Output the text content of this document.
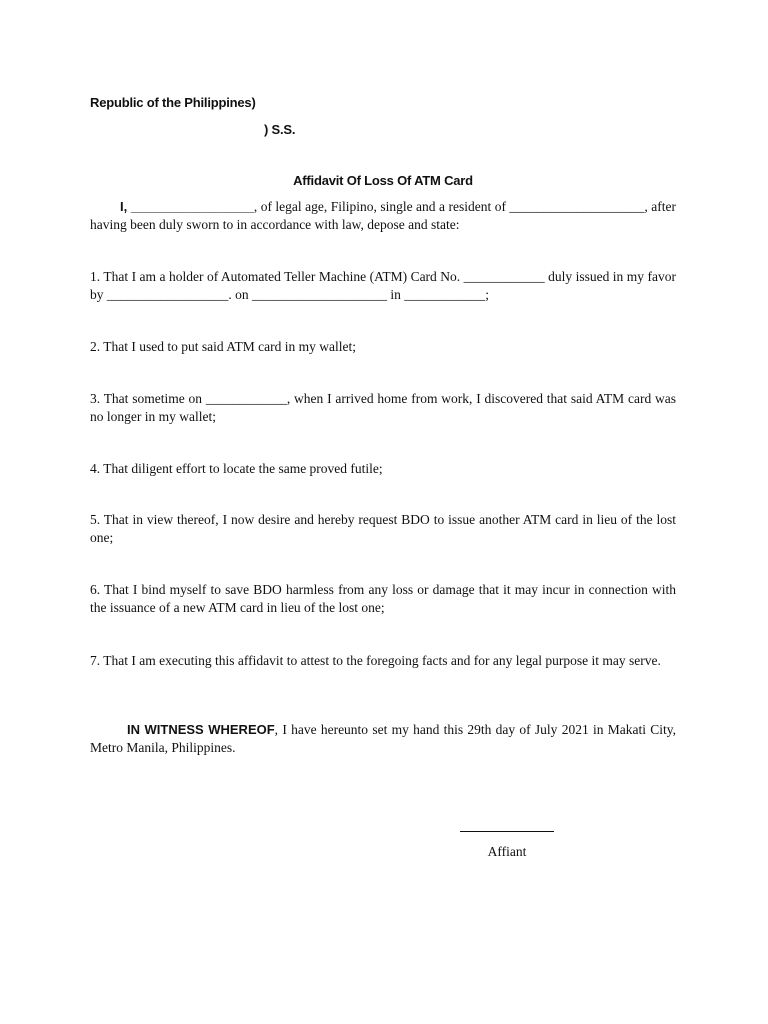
Republic of the Philippines)
) S.S.
Affidavit Of Loss Of ATM Card

I, _________________, of legal age, Filipino, single and a resident of ____________________, after having been duly sworn to in accordance with law, depose and state:

1. That I am a holder of Automated Teller Machine (ATM) Card No. ____________ duly issued in my favor by __________________. on ____________________ in ____________;

2. That I used to put said ATM card in my wallet;

3. That sometime on ____________, when I arrived home from work, I discovered that said ATM card was no longer in my wallet;

4. That diligent effort to locate the same proved futile;

5. That in view thereof, I now desire and hereby request BDO to issue another ATM card in lieu of the lost one;

6. That I bind myself to save BDO harmless from any loss or damage that it may incur in connection with the issuance of a new ATM card in lieu of the lost one;

7. That I am executing this affidavit to attest to the foregoing facts and for any legal purpose it may serve.

IN WITNESS WHEREOF, I have hereunto set my hand this 29th day of July 2021 in Makati City, Metro Manila, Philippines.

Affiant
